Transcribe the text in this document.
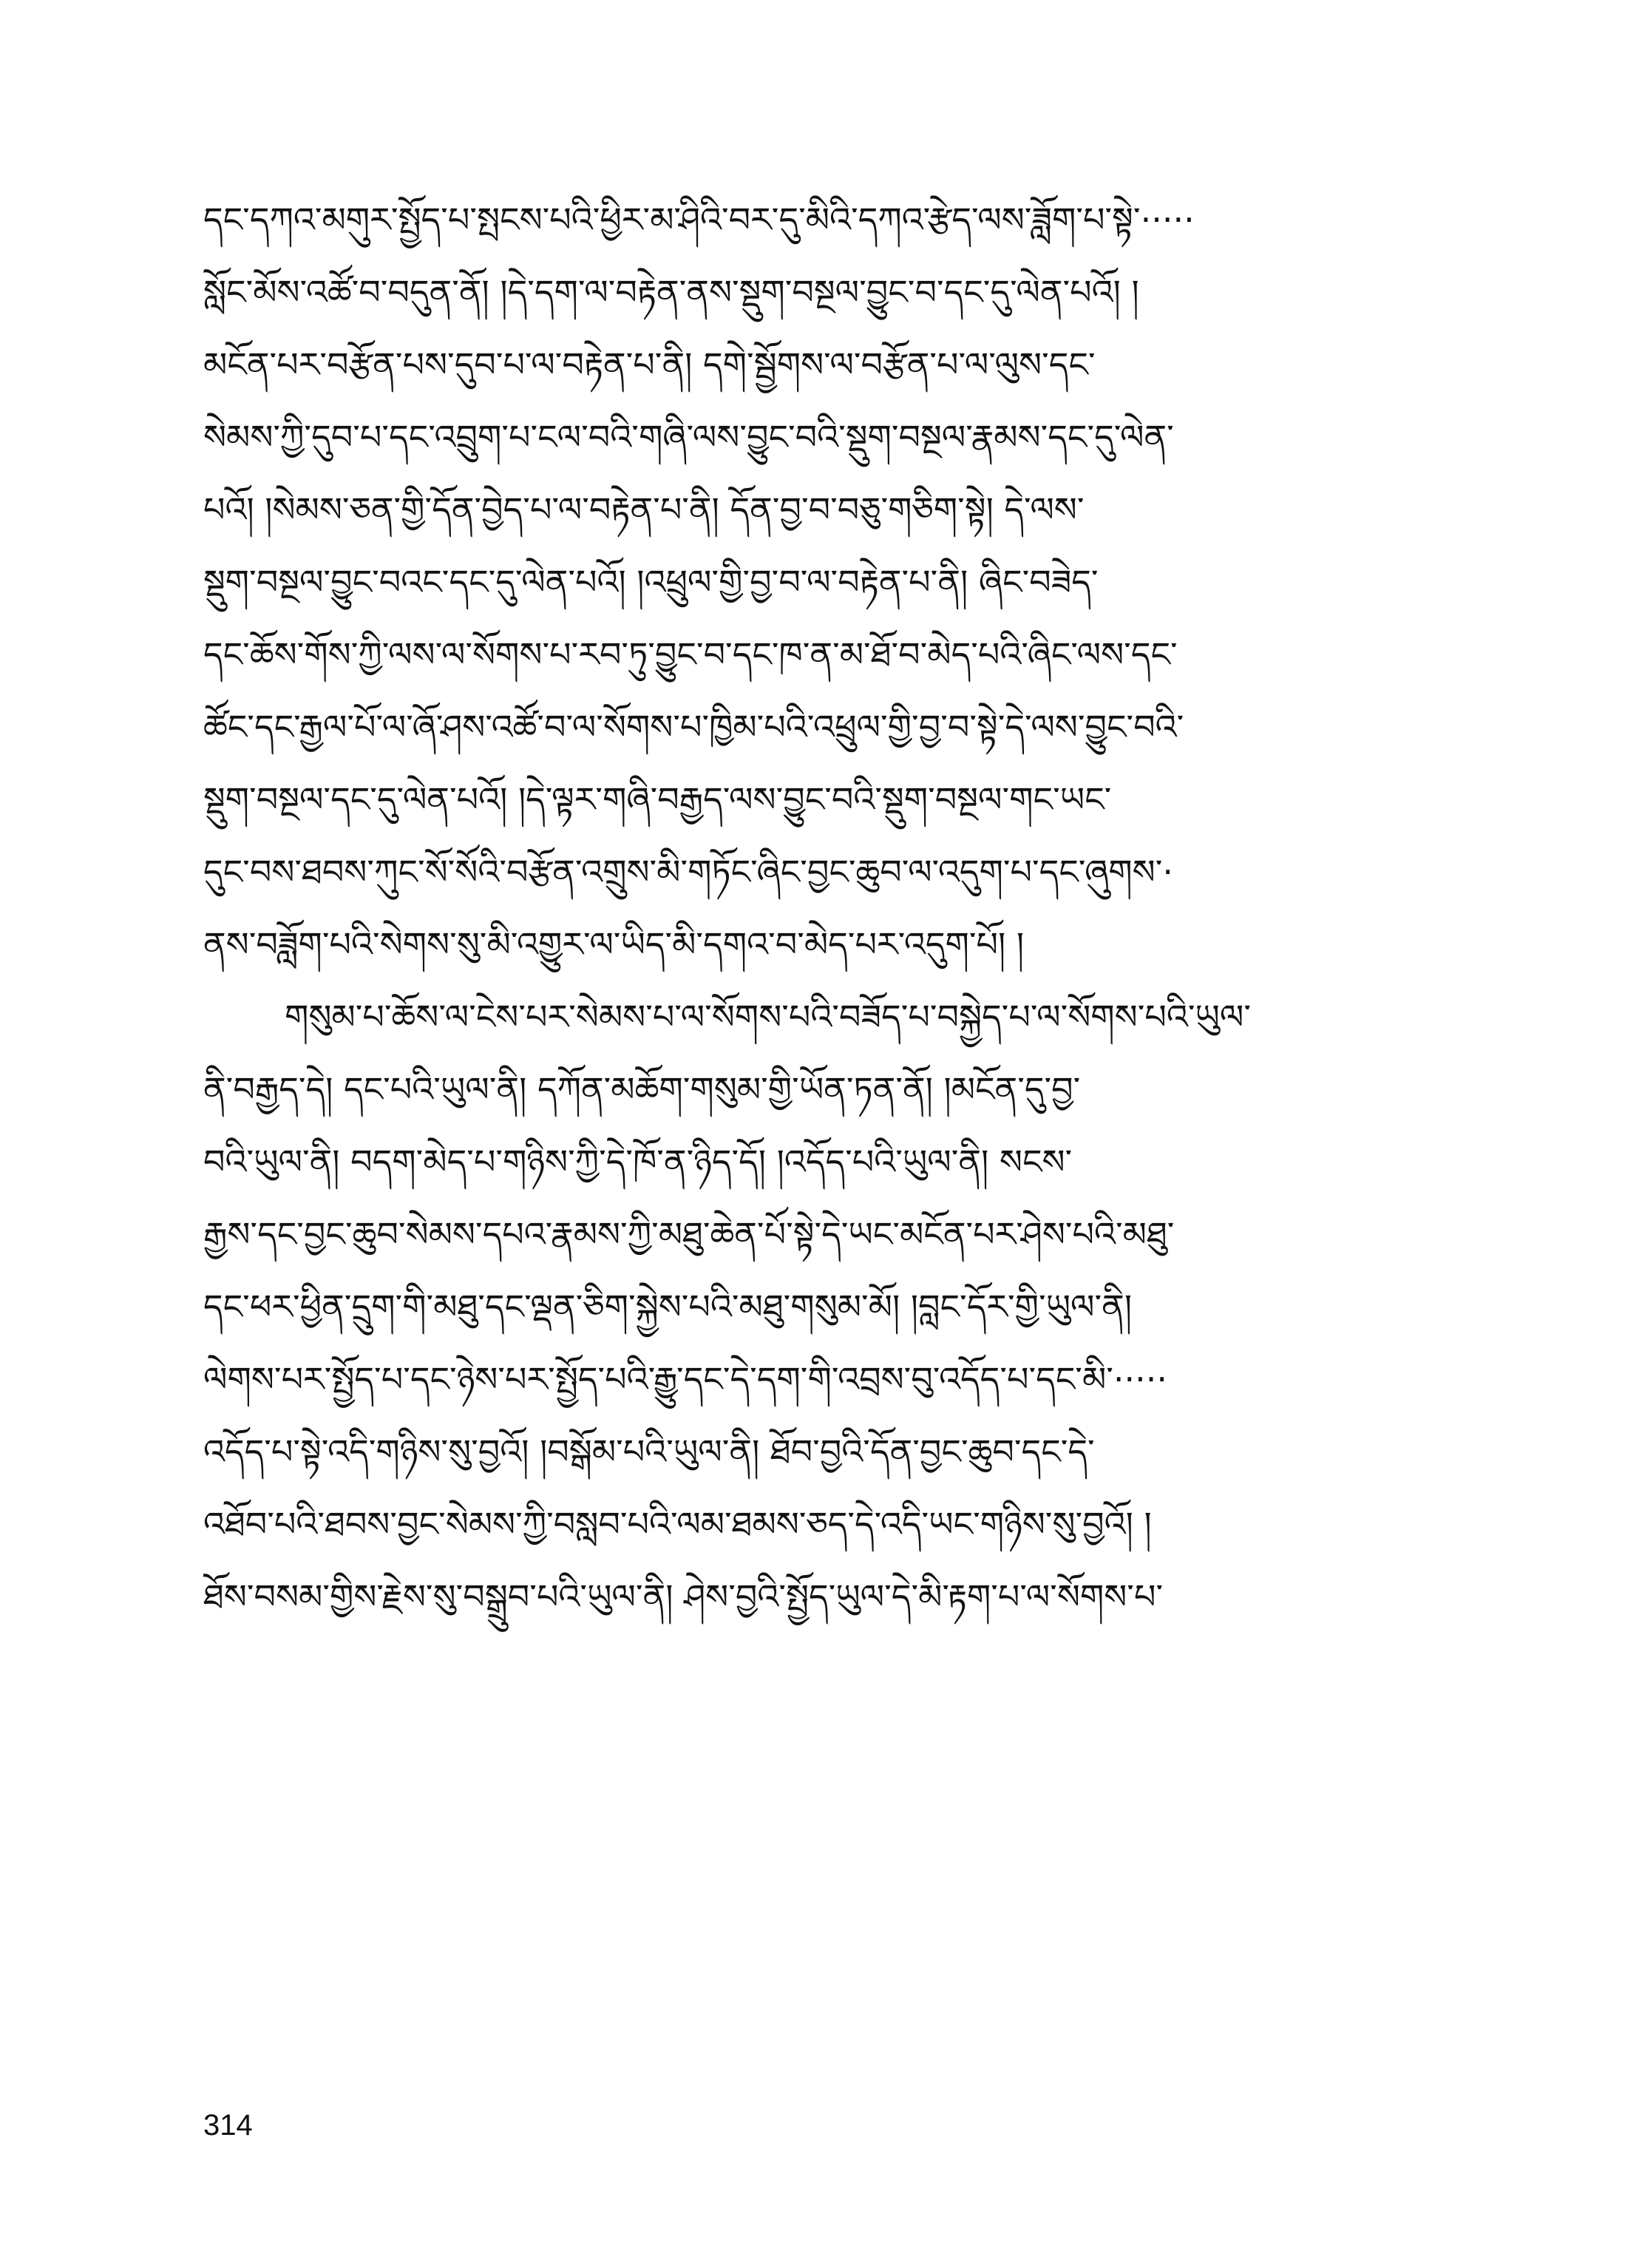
དང་དཀའ་མགུར་སྤྱོད་པ་སྤངས་པའི་ཕྱིར་མ་ཤིའི་བར་དུ་མིའི་དཀའ་རྩེད་ལས་ཟློག་པ་སྟེ་·····
སློང་མོས་འཚོ་བ་བདུན་ནོ། །དེ་དག་ལ་བརྟེན་ནས་སྡུག་བསྔལ་བྱུང་བ་དང་དུ་ལེན་པའོ། །
མངོན་པར་བརྩོན་པས་དུབ་པ་ལ་བརྟེན་པ་ནི། དགེ་སྦྱོགས་ལ་བརྩོན་པ་ལ་ལུས་དང་
སེམས་ཀྱི་དུབ་པ་དང་འབྲུག་པ་ངལ་བའི་གཞི་ལས་བྱུང་བའི་སྡུག་བསྔལ་རྣམས་དང་དུ་ལེན་
པའོ། །སེམས་ཅན་གྱི་དོན་བྱེད་པ་ལ་བརྟེན་པ་ནི། དོན་བྱ་བ་བཅུ་གཅིག་སྟེ། དེ་ལས་
སྡུག་བསྔལ་བྱུང་བའང་དང་དུ་ལེན་པའོ། །འཕྲུལ་གྱི་བྱ་བ་ལ་བརྟེན་པ་ནི། ཞིང་བཟེད་
དང་ཆོས་གོས་ཀྱི་ལས་ལ་སོགས་པ་རབ་ཏུ་བྱུང་བ་དང་ཁ་ན་མ་ཐོ་བ་མེད་པའི་ཞིང་ལས་དང་
ཚོང་དང་རྒྱལ་པོ་ལ་ཞོ་ཤས་འཚོ་བ་ལ་སོགས་པ་ཁྱིམ་པའི་འཕྲུལ་གྱི་བྱ་བ་སྟེ་དེ་ལས་བྱུང་བའི་
སྡུག་བསྔལ་དང་དུ་ལེན་པའོ། །དེ་ལྟར་གཞི་བརྒྱད་ལས་བྱུང་བའི་སྡུག་བསྔལ་གང་ཡང་
དུང་བས་ཐབས་ཀུང་སོ་སོའི་བརྩོན་འགྲུས་མི་གཏོང་ཞིང་བྱང་ཆུབ་ལ་འདུག་པ་དང་ཞུགས་·
ནས་བཟློག་པའི་སེགས་སུ་མི་འགྱུར་ལ་ཡིད་མི་དགའ་བ་མེད་པར་འདུག་པོ། །
གསུམ་པ་ཆོས་ལ་ངེས་པར་སེམས་པ་ལ་སོགས་པའི་བཟོད་པ་བསྐྱེད་པ་ལ་སོགས་པའི་ཡུལ་
ནི་བརྒྱད་དེ། དང་པའི་ཡུལ་ནི། དཀོན་མཆོག་གསུམ་གྱི་ཡོན་ཏན་ནོ། །མངོན་དུ་བྱ་
བའི་ཡུལ་ནི། བདག་མེད་པ་གཉིས་ཀྱི་དེ་ཁོ་ན་ཉིད་དོ། །འདོད་པའི་ཡུལ་ནི། སངས་
རྒྱས་དང་བྱང་ཆུབ་སེམས་དཔའ་རྣམས་ཀྱི་མཐུ་ཆེན་པོ་སྟེ་དེ་ཡང་མངོན་པར་ཤེས་པའི་མཐུ་
དང་ཕར་ཕྱིན་དྲུག་གི་མཐུ་དང་ལྡན་ཅིག་སྐྱེས་པའི་མཐུ་གསུམ་མོ། །བླང་དོར་གྱི་ཡུལ་ནི།
ལེགས་པར་སྤྱོད་པ་དང་ཉེས་པར་སྤྱོད་པའི་རྒྱུ་དང་དེ་དག་གི་འབྲས་བུ་འདོད་པ་དང་མི་·····
འདོད་པ་སྟེ་འདི་གཉིས་སུ་བྱའོ། །བསྒོམ་པའི་ཡུལ་ནི། ཐོབ་བྱའི་དོན་བྱང་ཆུབ་དང་དེ་
འཐོབ་པའི་ཐབས་བྱང་སེམས་ཀྱི་བསླབ་པའི་ལམ་ཐམས་ཅད་དེ་འདི་ཡང་གཉིས་སུ་བྱའོ། །
ཐོས་བསམ་གྱིས་རྗེས་སུ་བསྒྲུབ་པའི་ཡུལ་ནི། ཤེས་བྱའི་སྤྱོད་ཡུལ་དེ་མི་རྟག་པ་ལ་སོགས་པ་
314
